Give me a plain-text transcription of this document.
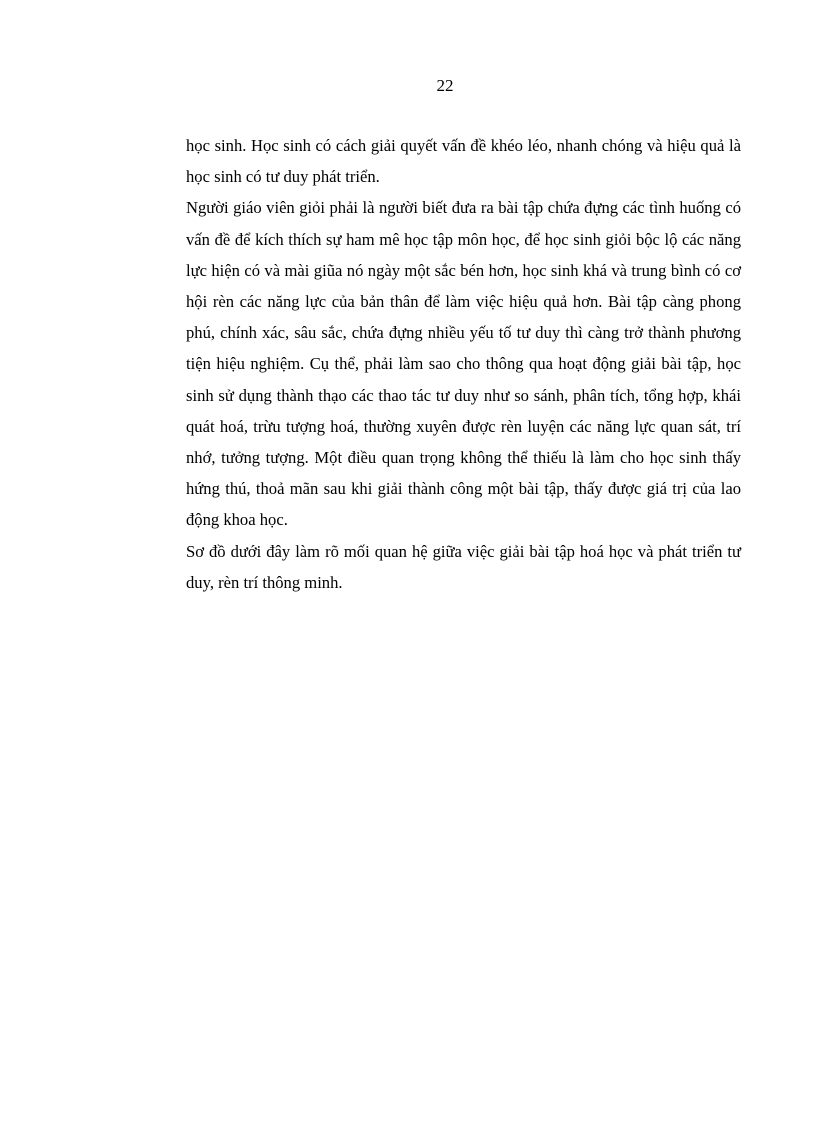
22

học sinh. Học sinh có cách giải quyết vấn đề khéo léo, nhanh chóng và hiệu quả là học sinh có tư duy phát triển.

Người giáo viên giỏi phải là người biết đưa ra bài tập chứa đựng các tình huống có vấn đề để kích thích sự ham mê học tập môn học, để học sinh giỏi bộc lộ các năng lực hiện có và mài giũa nó ngày một sắc bén hơn, học sinh khá và trung bình có cơ hội rèn các năng lực của bản thân để làm việc hiệu quả hơn. Bài tập càng phong phú, chính xác, sâu sắc, chứa đựng nhiều yếu tố tư duy thì càng trở thành phương tiện hiệu nghiệm. Cụ thể, phải làm sao cho thông qua hoạt động giải bài tập, học sinh sử dụng thành thạo các thao tác tư duy như so sánh, phân tích, tổng hợp, khái quát hoá, trừu tượng hoá, thường xuyên được rèn luyện các năng lực quan sát, trí nhớ, tưởng tượng. Một điều quan trọng không thể thiếu là làm cho học sinh thấy hứng thú, thoả mãn sau khi giải thành công một bài tập, thấy được giá trị của lao động khoa học.

Sơ đồ dưới đây làm rõ mối quan hệ giữa việc giải bài tập hoá học và phát triển tư duy, rèn trí thông minh.
